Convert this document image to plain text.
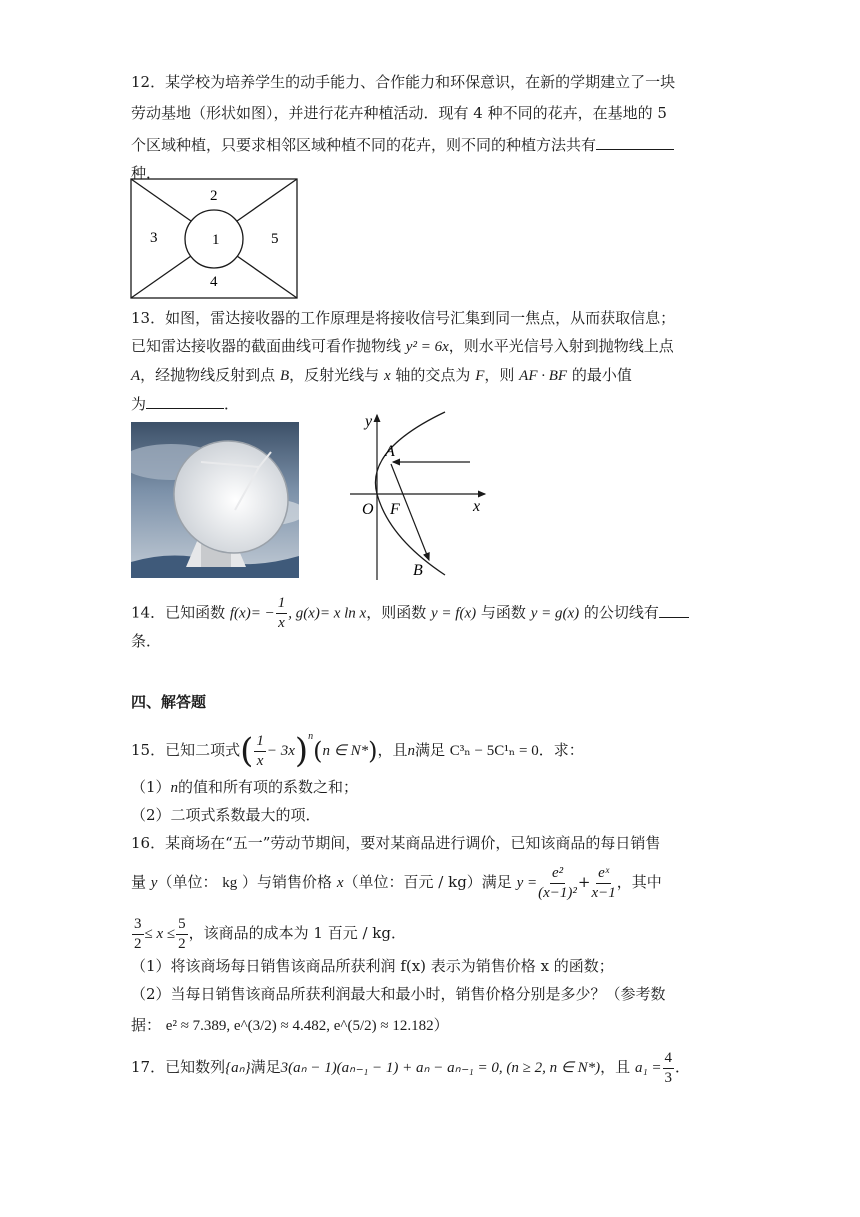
12．某学校为培养学生的动手能力、合作能力和环保意识，在新的学期建立了一块
劳动基地（形状如图），并进行花卉种植活动．现有 4 种不同的花卉，在基地的 5
个区域种植，只要求相邻区域种植不同的花卉，则不同的种植方法共有
种．
1
2
3
4
5
13．如图，雷达接收器的工作原理是将接收信号汇集到同一焦点，从而获取信息；
已知雷达接收器的截面曲线可看作抛物线 y² = 6x，则水平光信号入射到抛物线上点
A，经抛物线反射到点 B，反射光线与 x 轴的交点为 F，则 AF · BF 的最小值
为	．
y
x
O F
A
B
14．已知函数 $f(x)= - \frac{1}{x}$ , g(x)= x ln x，则函数 y = f(x) 与函数 y = g(x) 的公切线有
条．
四、解答题
15．已知二项式( $\frac{1}{x} - 3x)^n(n$ ∈ N*)，且n满足 C³ₙ − 5C¹ₙ = 0．求：
（1）n的值和所有项的系数之和；
（2）二项式系数最大的项．
16．某商场在“五一”劳动节期间，要对某商品进行调价，已知该商品的每日销售
量 y（单位： kg ）与销售价格 x（单位：百元 / kg）满足 $y = \frac{\text{e²}}{\text{(x−1)²}} + \frac{\text{eˣ}}{x-1}$ ，其中
$\frac{3}{2} \le x \le \frac{5}{2}$ ，该商品的成本为 1 百元 / kg．
（1）将该商场每日销售该商品所获利润 f(x) 表示为销售价格 x 的函数；
（2）当每日销售该商品所获利润最大和最小时，销售价格分别是多少？（参考数
据： e² ≈ 7.389, e^(3/2) ≈ 4.482, e^(5/2) ≈ 12.182）
17．已知数列{aₙ}满足3(aₙ − 1)(aₙ₋₁ − 1) + aₙ − aₙ₋₁ = 0, (n ≥ 2, n ∈ N*)，且 $a_1 = \frac{4}{3}$ ．
